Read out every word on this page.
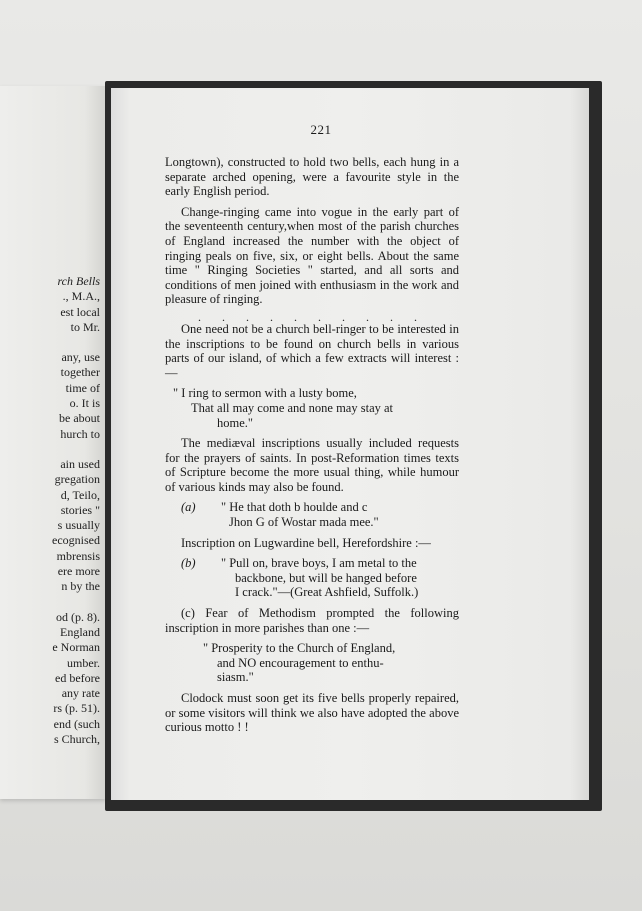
rch Bells
., M.A.,
est local
to Mr.
any, use
together
time of
o. It is
be about
hurch to
ain used
gregation
d, Teilo,
stories "
s usually
ecognised
mbrensis
ere more
n by the
od (p. 8).
England
e Norman
umber.
ed before
any rate
rs (p. 51).
end (such
s Church,
221

Longtown), constructed to hold two bells, each hung in a separate arched opening, were a favourite style in the early English period.

Change-ringing came into vogue in the early part of the seventeenth century,when most of the parish churches of England increased the number with the object of ringing peals on five, six, or eight bells. About the same time " Ringing Societies " started, and all sorts and conditions of men joined with enthusiasm in the work and pleasure of ringing.

. . . . . . . . . .

One need not be a church bell-ringer to be interested in the inscriptions to be found on church bells in various parts of our island, of which a few extracts will interest :—

" I ring to sermon with a lusty bome,
That all may come and none may stay at
home."

The mediæval inscriptions usually included requests for the prayers of saints. In post-Reformation times texts of Scripture become the more usual thing, while humour of various kinds may also be found.

(a)	" He that doth b houlde and c
Jhon G of Wostar mada mee."

Inscription on Lugwardine bell, Herefordshire :—

(b)	" Pull on, brave boys, I am metal to the
backbone, but will be hanged before
I crack."—(Great Ashfield, Suffolk.)

(c) Fear of Methodism prompted the following inscription in more parishes than one :—

" Prosperity to the Church of England,
and NO encouragement to enthu-
siasm."

Clodock must soon get its five bells properly repaired, or some visitors will think we also have adopted the above curious motto ! !
